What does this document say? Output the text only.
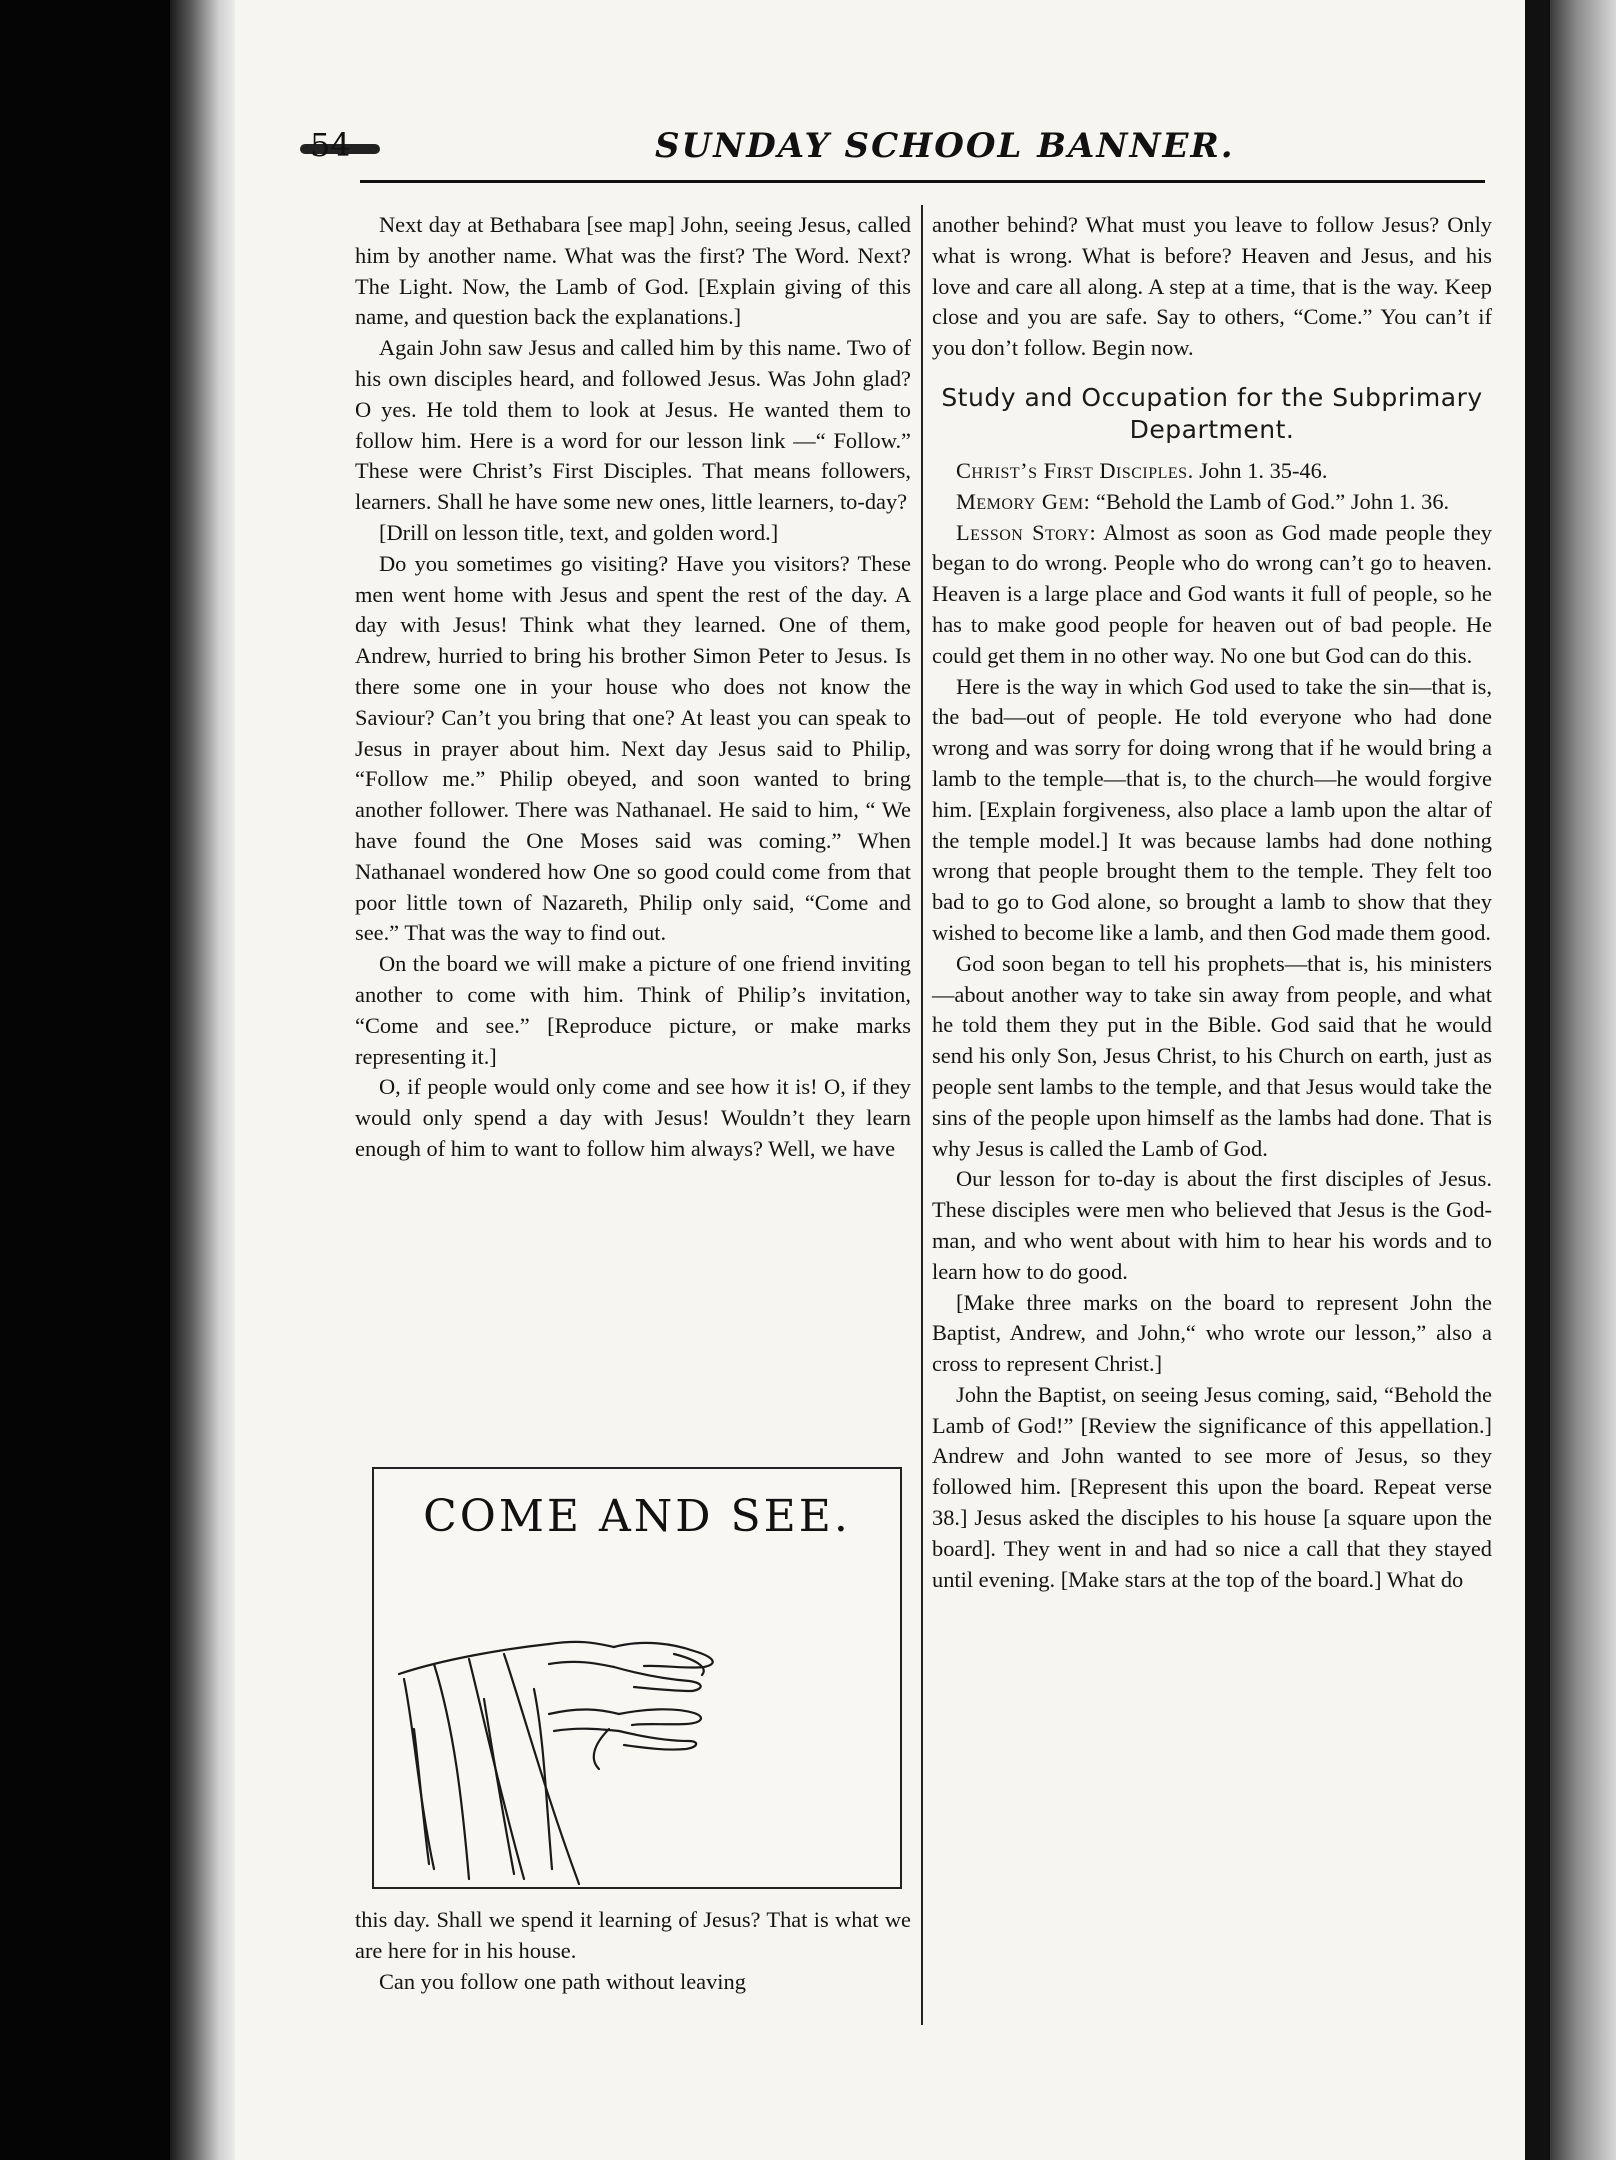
54	SUNDAY SCHOOL BANNER.

Next day at Bethabara [see map] John, seeing Jesus, called him by another name. What was the first? The Word. Next? The Light. Now, the Lamb of God. [Explain giving of this name, and question back the explanations.]

Again John saw Jesus and called him by this name. Two of his own disciples heard, and followed Jesus. Was John glad? O yes. He told them to look at Jesus. He wanted them to follow him. Here is a word for our lesson link —“ Follow.” These were Christ’s First Disciples. That means followers, learners. Shall he have some new ones, little learners, to-day?

[Drill on lesson title, text, and golden word.]

Do you sometimes go visiting? Have you visitors? These men went home with Jesus and spent the rest of the day. A day with Jesus! Think what they learned. One of them, Andrew, hurried to bring his brother Simon Peter to Jesus. Is there some one in your house who does not know the Saviour? Can’t you bring that one? At least you can speak to Jesus in prayer about him. Next day Jesus said to Philip, “Follow me.” Philip obeyed, and soon wanted to bring another follower. There was Nathanael. He said to him, “ We have found the One Moses said was coming.” When Nathanael wondered how One so good could come from that poor little town of Nazareth, Philip only said, “Come and see.” That was the way to find out.

On the board we will make a picture of one friend inviting another to come with him. Think of Philip’s invitation, “Come and see.” [Reproduce picture, or make marks representing it.]

O, if people would only come and see how it is! O, if they would only spend a day with Jesus! Wouldn’t they learn enough of him to want to follow him always? Well, we have

COME AND SEE.

this day. Shall we spend it learning of Jesus? That is what we are here for in his house.

Can you follow one path without leaving

another behind? What must you leave to follow Jesus? Only what is wrong. What is before? Heaven and Jesus, and his love and care all along. A step at a time, that is the way. Keep close and you are safe. Say to others, “Come.” You can’t if you don’t follow. Begin now.

Study and Occupation for the Subprimary Department.

Christ’s First Disciples. John 1. 35-46.

Memory Gem: “Behold the Lamb of God.” John 1. 36.

Lesson Story: Almost as soon as God made people they began to do wrong. People who do wrong can’t go to heaven. Heaven is a large place and God wants it full of people, so he has to make good people for heaven out of bad people. He could get them in no other way. No one but God can do this.

Here is the way in which God used to take the sin—that is, the bad—out of people. He told everyone who had done wrong and was sorry for doing wrong that if he would bring a lamb to the temple—that is, to the church—he would forgive him. [Explain forgiveness, also place a lamb upon the altar of the temple model.] It was because lambs had done nothing wrong that people brought them to the temple. They felt too bad to go to God alone, so brought a lamb to show that they wished to become like a lamb, and then God made them good.

God soon began to tell his prophets—that is, his ministers—about another way to take sin away from people, and what he told them they put in the Bible. God said that he would send his only Son, Jesus Christ, to his Church on earth, just as people sent lambs to the temple, and that Jesus would take the sins of the people upon himself as the lambs had done. That is why Jesus is called the Lamb of God.

Our lesson for to-day is about the first disciples of Jesus. These disciples were men who believed that Jesus is the God-man, and who went about with him to hear his words and to learn how to do good.

[Make three marks on the board to represent John the Baptist, Andrew, and John,“ who wrote our lesson,” also a cross to represent Christ.]

John the Baptist, on seeing Jesus coming, said, “Behold the Lamb of God!” [Review the significance of this appellation.] Andrew and John wanted to see more of Jesus, so they followed him. [Represent this upon the board. Repeat verse 38.] Jesus asked the disciples to his house [a square upon the board]. They went in and had so nice a call that they stayed until evening. [Make stars at the top of the board.] What do
